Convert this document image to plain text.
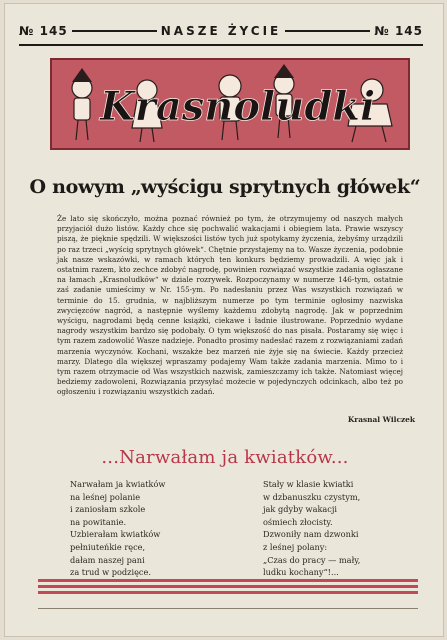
№ 145	NASZE ŻYCIE	№ 145
Krasnoludki
O nowym „wyścigu sprytnych główek“
Że lato się skończyło, można poznać również po tym, że otrzymujemy od naszych małych przyjaciół dużo listów. Każdy chce się pochwalić wakacjami i obiegiem lata. Prawie wszyscy piszą, że pięknie spędzili. W większości listów tych już spotykamy życzenia, żebyśmy urządzili po raz trzeci „wyścig sprytnych główek“. Chętnie przystajemy na to. Wasze życzenia, podobnie jak nasze wskazówki, w ramach których ten konkurs będziemy prowadzili. A więc jak i ostatnim razem, kto zechce zdobyć nagrodę, powinien rozwiązać wszystkie zadania ogłaszane na łamach „Krasnoludków“ w dziale rozrywek. Rozpoczynamy w numerze 146-tym, ostatnie zaś zadanie umieścimy w Nr. 155-ym. Po nadesłaniu przez Was wszystkich rozwiązań w terminie do 15. grudnia, w najbliższym numerze po tym terminie ogłosimy nazwiska zwycięzców nagród, a następnie wyślemy każdemu zdobytą nagrodę. Jak w poprzednim wyścigu, nagrodami będą cenne książki, ciekawe i ładnie ilustrowane. Poprzednio wydane nagrody wszystkim bardzo się podobały. O tym większość do nas pisała. Postaramy się więc i tym razem zadowolić Wasze nadzieje. Ponadto prosimy nadesłać razem z rozwiązaniami zadań marzenia wyczynów. Kochani, wszakże bez marzeń nie żyje się na świecie. Każdy przecież marzy. Dlatego dla większej wpraszamy podajemy Wam także zadania marzenia. Mimo to i tym razem otrzymacie od Was wszystkich nazwisk, zamieszczamy ich także. Natomiast więcej bedziemy zadowoleni, Rozwiązania przysyłać możecie w pojedynczych odcinkach, albo też po ogłoszeniu i rozwiązaniu wszystkich zadań.
Krasnal Wilczek
...Narwałam ja kwiatków...
Narwałam ja kwiatków
na leśnej polanie
i zaniosłam szkole
na powitanie.
Uzbierałam kwiatków
pełniuteńkie ręce,
dałam naszej pani
za trud w podzięce.
Stały w klasie kwiatki
w dzbanuszku czystym,
jak gdyby wakacji
ośmiech złocisty.
Dzwoniły nam dzwonki
z leśnej polany:
„Czas do pracy — mały,
ludku kochany“!...
